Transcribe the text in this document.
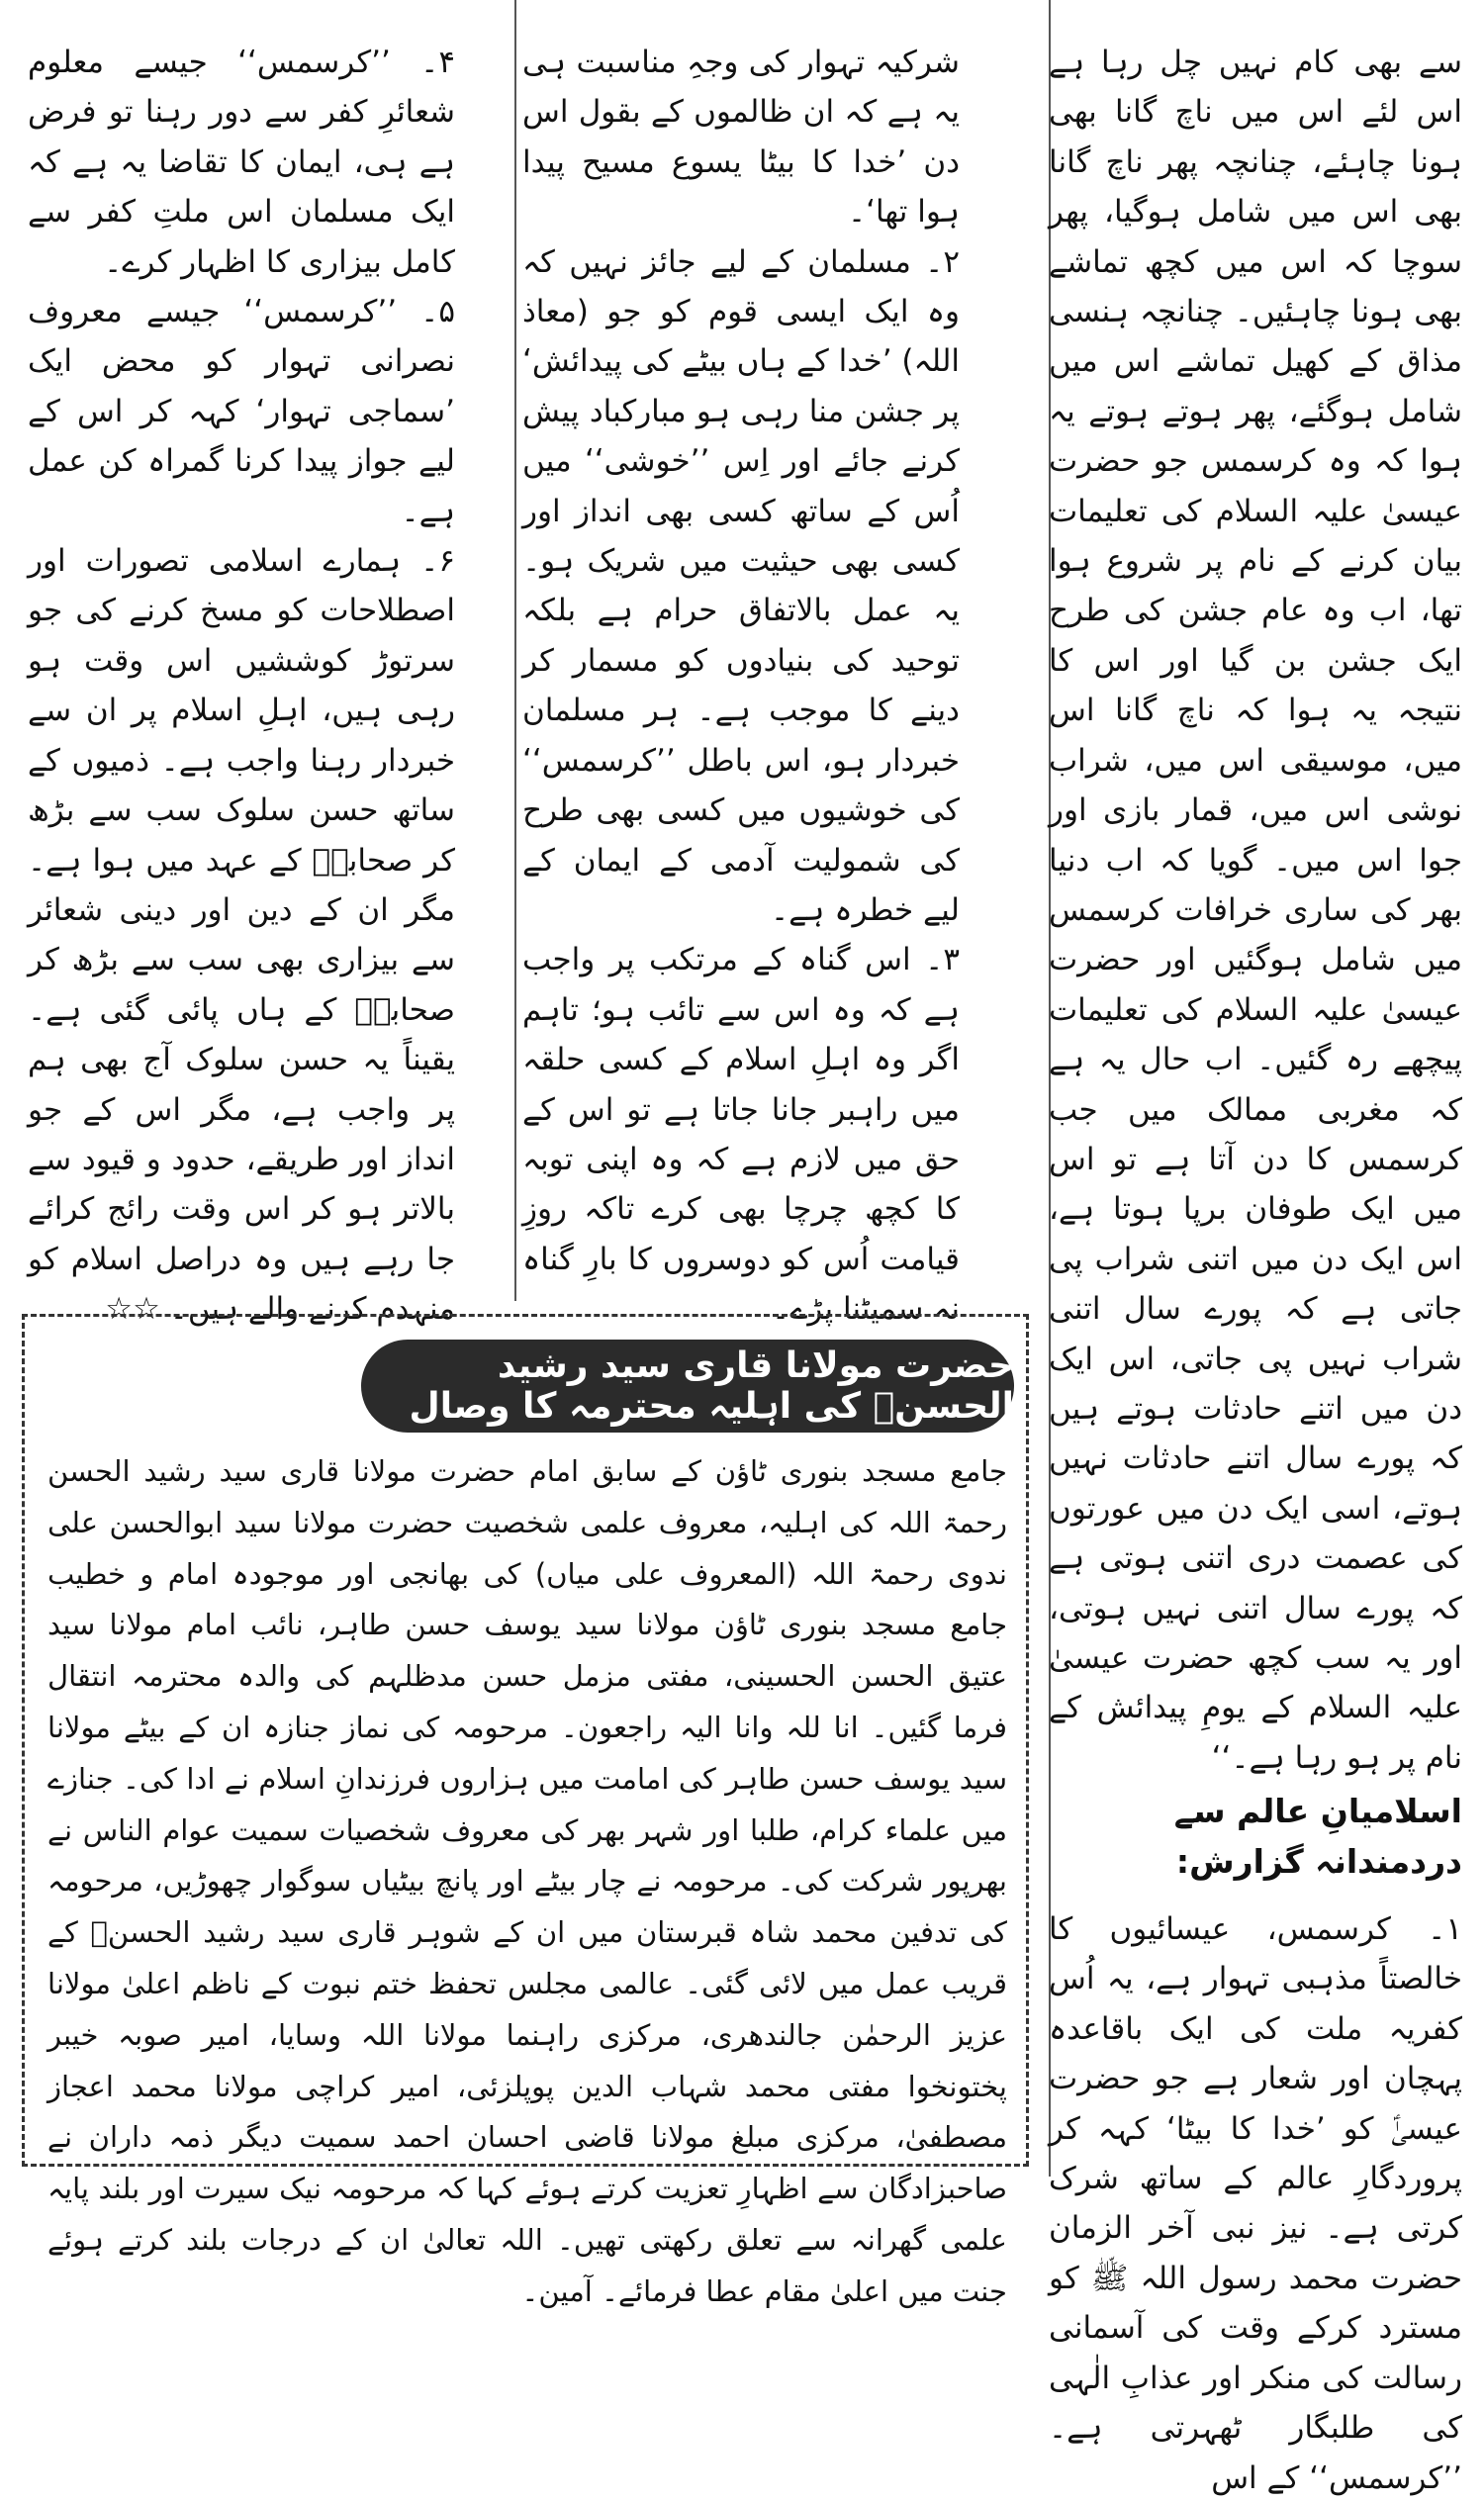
سے بھی کام نہیں چل رہا ہے اس لئے اس میں ناچ گانا بھی ہونا چاہئے، چنانچہ پھر ناچ گانا بھی اس میں شامل ہوگیا، پھر سوچا کہ اس میں کچھ تماشے بھی ہونا چاہئیں۔ چنانچہ ہنسی مذاق کے کھیل تماشے اس میں شامل ہوگئے، پھر ہوتے ہوتے یہ ہوا کہ وہ کرسمس جو حضرت عیسیٰ علیہ السلام کی تعلیمات بیان کرنے کے نام پر شروع ہوا تھا، اب وہ عام جشن کی طرح ایک جشن بن گیا اور اس کا نتیجہ یہ ہوا کہ ناچ گانا اس میں، موسیقی اس میں، شراب نوشی اس میں، قمار بازی اور جوا اس میں۔ گویا کہ اب دنیا بھر کی ساری خرافات کرسمس میں شامل ہوگئیں اور حضرت عیسیٰ علیہ السلام کی تعلیمات پیچھے رہ گئیں۔ اب حال یہ ہے کہ مغربی ممالک میں جب کرسمس کا دن آتا ہے تو اس میں ایک طوفان برپا ہوتا ہے، اس ایک دن میں اتنی شراب پی جاتی ہے کہ پورے سال اتنی شراب نہیں پی جاتی، اس ایک دن میں اتنے حادثات ہوتے ہیں کہ پورے سال اتنے حادثات نہیں ہوتے، اسی ایک دن میں عورتوں کی عصمت دری اتنی ہوتی ہے کہ پورے سال اتنی نہیں ہوتی، اور یہ سب کچھ حضرت عیسیٰ علیہ السلام کے یومِ پیدائش کے نام پر ہو رہا ہے۔‘‘

اسلامیانِ عالم سے دردمندانہ گزارش:

۱۔ کرسمس، عیسائیوں کا خالصتاً مذہبی تہوار ہے، یہ اُس کفریہ ملت کی ایک باقاعدہ پہچان اور شعار ہے جو حضرت عیسیٰؑ کو ’خدا کا بیٹا‘ کہہ کر پروردگارِ عالم کے ساتھ شرک کرتی ہے۔ نیز نبی آخر الزمان حضرت محمد رسول اللہ ﷺ کو مسترد کرکے وقت کی آسمانی رسالت کی منکر اور عذابِ الٰہی کی طلبگار ٹھہرتی ہے۔ ’’کرسمس‘‘ کے اس

شرکیہ تہوار کی وجہِ مناسبت ہی یہ ہے کہ ان ظالموں کے بقول اس دن ’خدا کا بیٹا یسوع مسیح پیدا ہوا تھا‘۔

۲۔ مسلمان کے لیے جائز نہیں کہ وہ ایک ایسی قوم کو جو (معاذ اللہ) ’خدا کے ہاں بیٹے کی پیدائش‘ پر جشن منا رہی ہو مبارکباد پیش کرنے جائے اور اِس ’’خوشی‘‘ میں اُس کے ساتھ کسی بھی انداز اور کسی بھی حیثیت میں شریک ہو۔ یہ عمل بالاتفاق حرام ہے بلکہ توحید کی بنیادوں کو مسمار کر دینے کا موجب ہے۔ ہر مسلمان خبردار ہو، اس باطل ’’کرسمس‘‘ کی خوشیوں میں کسی بھی طرح کی شمولیت آدمی کے ایمان کے لیے خطرہ ہے۔

۳۔ اس گناہ کے مرتکب پر واجب ہے کہ وہ اس سے تائب ہو؛ تاہم اگر وہ اہلِ اسلام کے کسی حلقہ میں راہبر جانا جاتا ہے تو اس کے حق میں لازم ہے کہ وہ اپنی توبہ کا کچھ چرچا بھی کرے تاکہ روزِ قیامت اُس کو دوسروں کا بارِ گناہ نہ سمیٹنا پڑے۔

۴۔ ’’کرسمس‘‘ جیسے معلوم شعائرِ کفر سے دور رہنا تو فرض ہے ہی، ایمان کا تقاضا یہ ہے کہ ایک مسلمان اس ملتِ کفر سے کامل بیزاری کا اظہار کرے۔

۵۔ ’’کرسمس‘‘ جیسے معروف نصرانی تہوار کو محض ایک ’سماجی تہوار‘ کہہ کر اس کے لیے جواز پیدا کرنا گمراہ کن عمل ہے۔

۶۔ ہمارے اسلامی تصورات اور اصطلاحات کو مسخ کرنے کی جو سرتوڑ کوششیں اس وقت ہو رہی ہیں، اہلِ اسلام پر ان سے خبردار رہنا واجب ہے۔ ذمیوں کے ساتھ حسن سلوک سب سے بڑھ کر صحابہؓ کے عہد میں ہوا ہے۔ مگر ان کے دین اور دینی شعائر سے بیزاری بھی سب سے بڑھ کر صحابہؓ کے ہاں پائی گئی ہے۔ یقیناً یہ حسن سلوک آج بھی ہم پر واجب ہے، مگر اس کے جو انداز اور طریقے، حدود و قیود سے بالاتر ہو کر اس وقت رائج کرائے جا رہے ہیں وہ دراصل اسلام کو منہدم کرنے والے ہیں۔ ☆☆

حضرت مولانا قاری سید رشید الحسنؒ کی اہلیہ محترمہ کا وصال

جامع مسجد بنوری ٹاؤن کے سابق امام حضرت مولانا قاری سید رشید الحسن رحمۃ اللہ کی اہلیہ، معروف علمی شخصیت حضرت مولانا سید ابوالحسن علی ندوی رحمۃ اللہ (المعروف علی میاں) کی بھانجی اور موجودہ امام و خطیب جامع مسجد بنوری ٹاؤن مولانا سید یوسف حسن طاہر، نائب امام مولانا سید عتیق الحسن الحسینی، مفتی مزمل حسن مدظلہم کی والدہ محترمہ انتقال فرما گئیں۔ انا للہ وانا الیہ راجعون۔ مرحومہ کی نماز جنازہ ان کے بیٹے مولانا سید یوسف حسن طاہر کی امامت میں ہزاروں فرزندانِ اسلام نے ادا کی۔ جنازے میں علماء کرام، طلبا اور شہر بھر کی معروف شخصیات سمیت عوام الناس نے بھرپور شرکت کی۔ مرحومہ نے چار بیٹے اور پانچ بیٹیاں سوگوار چھوڑیں، مرحومہ کی تدفین محمد شاہ قبرستان میں ان کے شوہر قاری سید رشید الحسنؒ کے قریب عمل میں لائی گئی۔ عالمی مجلس تحفظ ختم نبوت کے ناظم اعلیٰ مولانا عزیز الرحمٰن جالندھری، مرکزی راہنما مولانا اللہ وسایا، امیر صوبہ خیبر پختونخوا مفتی محمد شہاب الدین پوپلزئی، امیر کراچی مولانا محمد اعجاز مصطفیٰ، مرکزی مبلغ مولانا قاضی احسان احمد سمیت دیگر ذمہ داران نے صاحبزادگان سے اظہارِ تعزیت کرتے ہوئے کہا کہ مرحومہ نیک سیرت اور بلند پایہ علمی گھرانہ سے تعلق رکھتی تھیں۔ اللہ تعالیٰ ان کے درجات بلند کرتے ہوئے جنت میں اعلیٰ مقام عطا فرمائے۔ آمین۔
